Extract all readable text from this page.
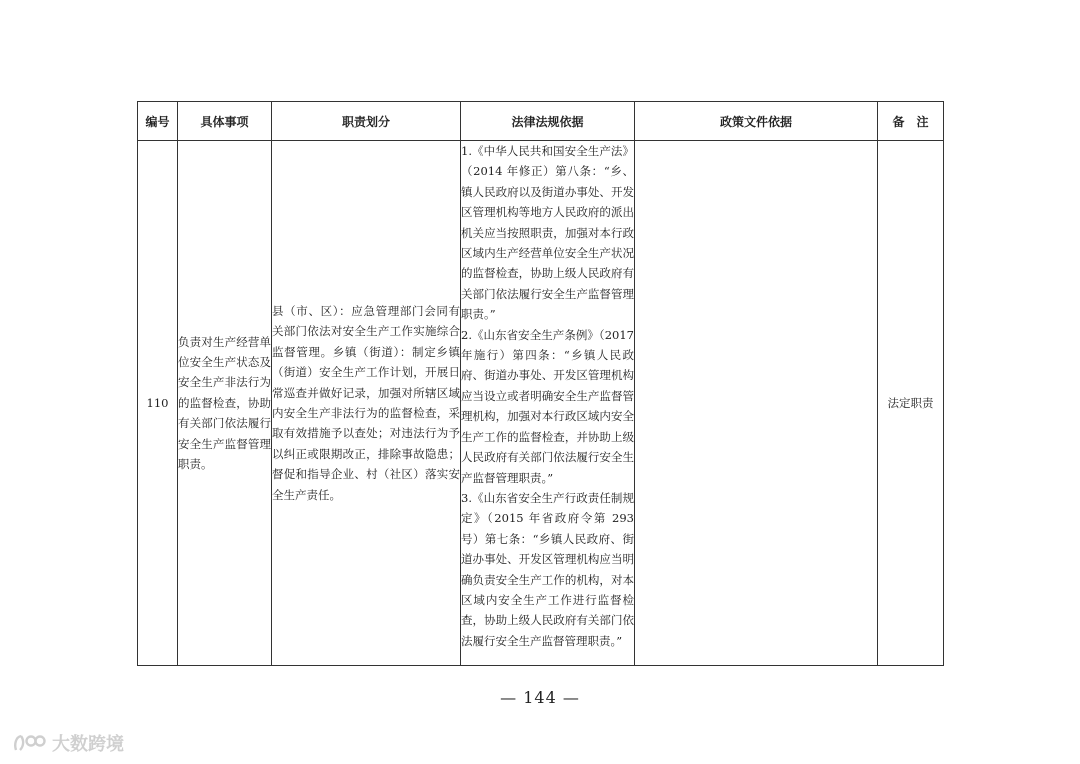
编号	具体事项	职责划分	法律法规依据	政策文件依据	备　注
110	负责对生产经营单位安全生产状态及安全生产非法行为的监督检查，协助有关部门依法履行安全生产监督管理职责。	县（市、区）：应急管理部门会同有关部门依法对安全生产工作实施综合监督管理。乡镇（街道）：制定乡镇（街道）安全生产工作计划，开展日常巡查并做好记录，加强对所辖区域内安全生产非法行为的监督检查，采取有效措施予以查处；对违法行为予以纠正或限期改正，排除事故隐患；督促和指导企业、村（社区）落实安全生产责任。	1.《中华人民共和国安全生产法》（2014 年修正）第八条：“乡、镇人民政府以及街道办事处、开发区管理机构等地方人民政府的派出机关应当按照职责，加强对本行政区域内生产经营单位安全生产状况的监督检查，协助上级人民政府有关部门依法履行安全生产监督管理职责。”

2.《山东省安全生产条例》（2017 年施行）第四条：“乡镇人民政府、街道办事处、开发区管理机构应当设立或者明确安全生产监督管理机构，加强对本行政区域内安全生产工作的监督检查，并协助上级人民政府有关部门依法履行安全生产监督管理职责。”

3.《山东省安全生产行政责任制规定》（2015 年省政府令第 293 号）第七条：“乡镇人民政府、街道办事处、开发区管理机构应当明确负责安全生产工作的机构，对本区域内安全生产工作进行监督检查，协助上级人民政府有关部门依法履行安全生产监督管理职责。”		法定职责
— 144 —
大数跨境
